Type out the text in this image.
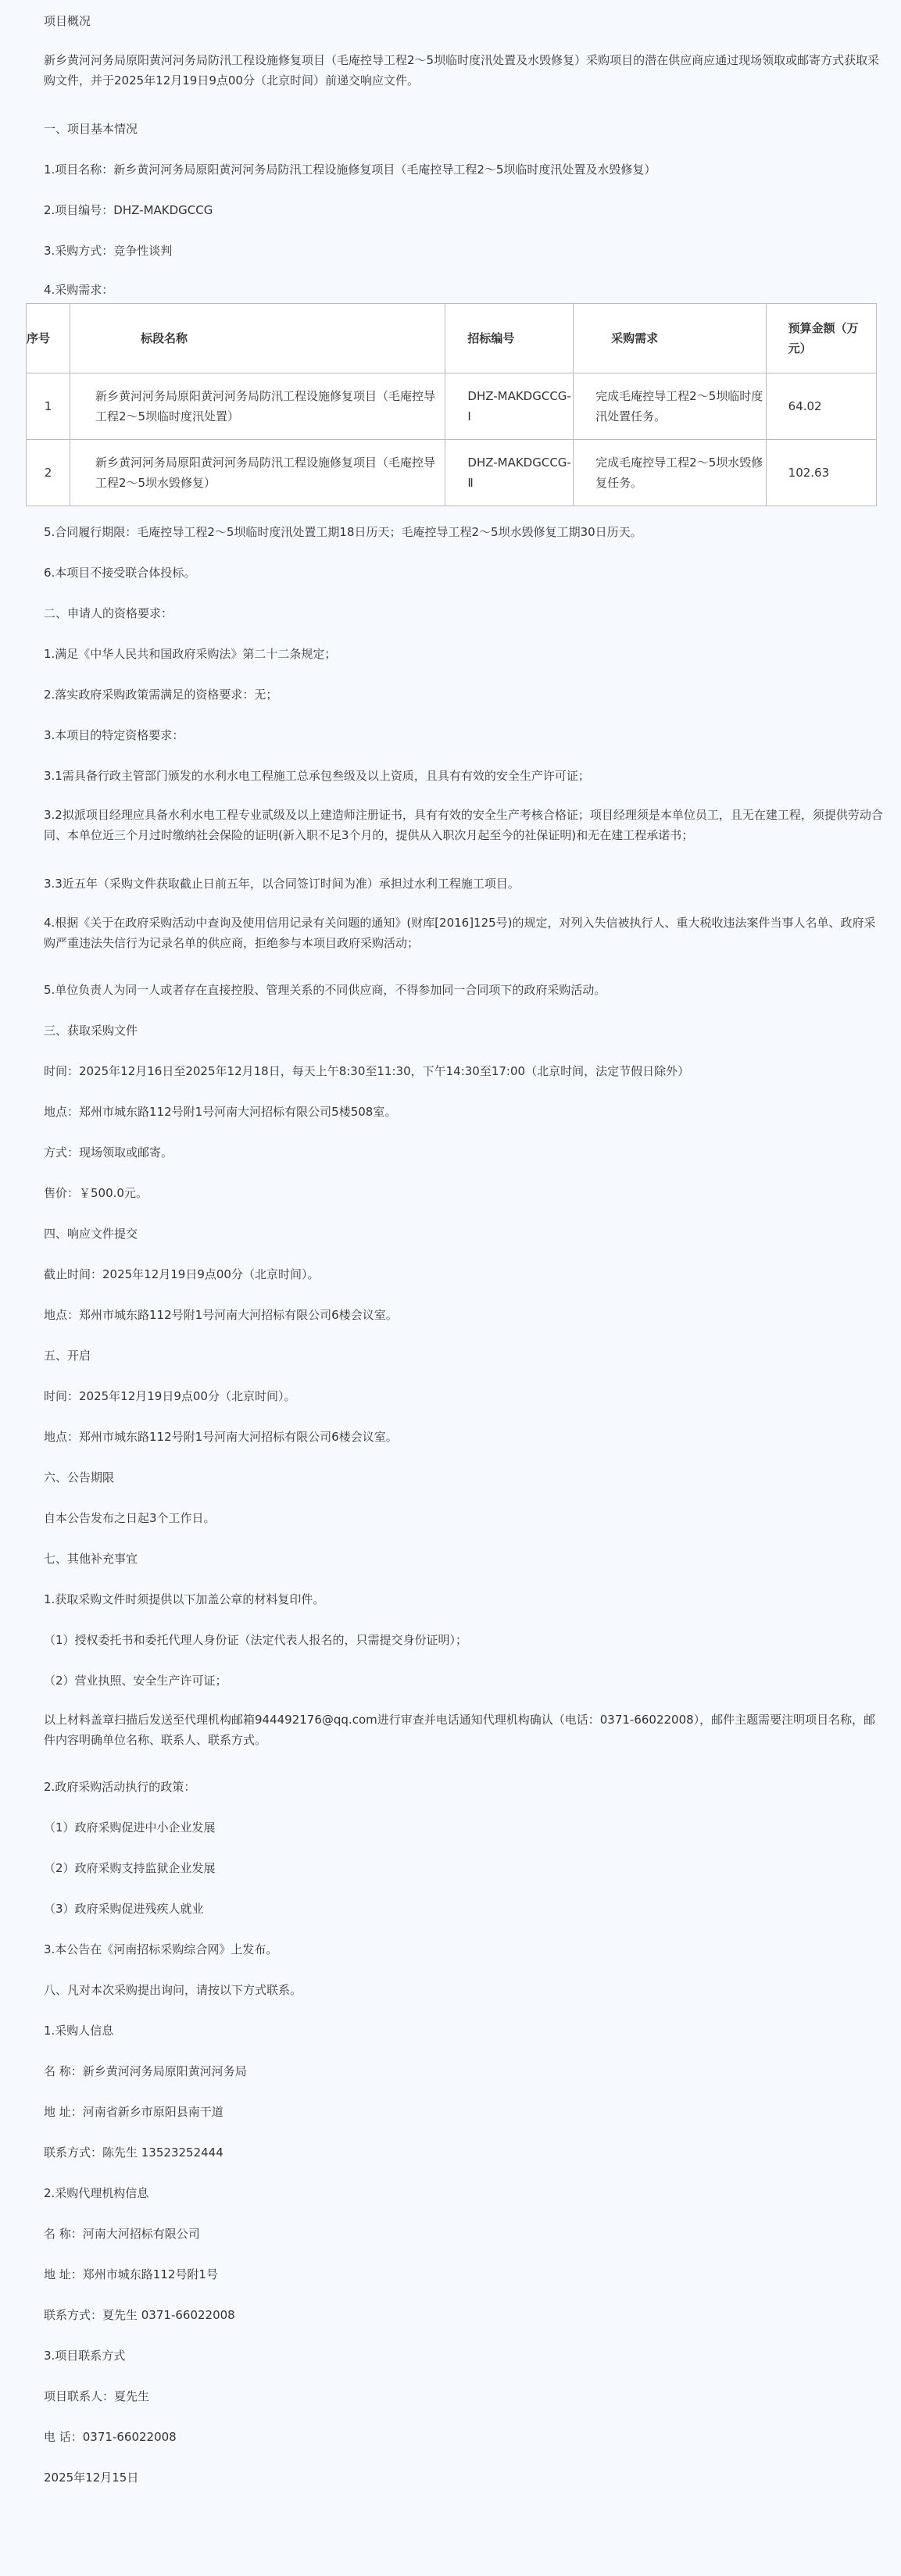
项目概况
新乡黄河河务局原阳黄河河务局防汛工程设施修复项目（毛庵控导工程2～5坝临时度汛处置及水毁修复）采购项目的潜在供应商应通过现场领取或邮寄方式获取采购文件，并于2025年12月19日9点00分（北京时间）前递交响应文件。
一、项目基本情况
1.项目名称：新乡黄河河务局原阳黄河河务局防汛工程设施修复项目（毛庵控导工程2～5坝临时度汛处置及水毁修复）
2.项目编号：DHZ-MAKDGCCG
3.采购方式：竞争性谈判
4.采购需求：
序号	标段名称	招标编号	采购需求	预算金额（万元）
1	新乡黄河河务局原阳黄河河务局防汛工程设施修复项目（毛庵控导工程2～5坝临时度汛处置）	DHZ-MAKDGCCG-Ⅰ	完成毛庵控导工程2～5坝临时度汛处置任务。	64.02
2	新乡黄河河务局原阳黄河河务局防汛工程设施修复项目（毛庵控导工程2～5坝水毁修复）	DHZ-MAKDGCCG-Ⅱ	完成毛庵控导工程2～5坝水毁修复任务。	102.63
5.合同履行期限：毛庵控导工程2～5坝临时度汛处置工期18日历天；毛庵控导工程2～5坝水毁修复工期30日历天。
6.本项目不接受联合体投标。
二、申请人的资格要求：
1.满足《中华人民共和国政府采购法》第二十二条规定；
2.落实政府采购政策需满足的资格要求：无；
3.本项目的特定资格要求：
3.1需具备行政主管部门颁发的水利水电工程施工总承包叁级及以上资质，且具有有效的安全生产许可证；
3.2拟派项目经理应具备水利水电工程专业贰级及以上建造师注册证书，具有有效的安全生产考核合格证；项目经理须是本单位员工，且无在建工程，须提供劳动合同、本单位近三个月过时缴纳社会保险的证明(新入职不足3个月的，提供从入职次月起至今的社保证明)和无在建工程承诺书；
3.3近五年（采购文件获取截止日前五年，以合同签订时间为准）承担过水利工程施工项目。
4.根据《关于在政府采购活动中查询及使用信用记录有关问题的通知》(财库[2016]125号)的规定，对列入失信被执行人、重大税收违法案件当事人名单、政府采购严重违法失信行为记录名单的供应商，拒绝参与本项目政府采购活动；
5.单位负责人为同一人或者存在直接控股、管理关系的不同供应商，不得参加同一合同项下的政府采购活动。
三、获取采购文件
时间：2025年12月16日至2025年12月18日，每天上午8:30至11:30，下午14:30至17:00（北京时间，法定节假日除外）
地点：郑州市城东路112号附1号河南大河招标有限公司5楼508室。
方式：现场领取或邮寄。
售价：￥500.0元。
四、响应文件提交
截止时间：2025年12月19日9点00分（北京时间）。
地点：郑州市城东路112号附1号河南大河招标有限公司6楼会议室。
五、开启
时间：2025年12月19日9点00分（北京时间）。
地点：郑州市城东路112号附1号河南大河招标有限公司6楼会议室。
六、公告期限
自本公告发布之日起3个工作日。
七、其他补充事宜
1.获取采购文件时须提供以下加盖公章的材料复印件。
（1）授权委托书和委托代理人身份证（法定代表人报名的，只需提交身份证明）；
（2）营业执照、安全生产许可证；
以上材料盖章扫描后发送至代理机构邮箱944492176@qq.com进行审查并电话通知代理机构确认（电话：0371-66022008），邮件主题需要注明项目名称，邮件内容明确单位名称、联系人、联系方式。
2.政府采购活动执行的政策：
（1）政府采购促进中小企业发展
（2）政府采购支持监狱企业发展
（3）政府采购促进残疾人就业
3.本公告在《河南招标采购综合网》上发布。
八、凡对本次采购提出询问，请按以下方式联系。
1.采购人信息
名 称：新乡黄河河务局原阳黄河河务局
地 址：河南省新乡市原阳县南干道
联系方式：陈先生 13523252444
2.采购代理机构信息
名 称：河南大河招标有限公司
地 址：郑州市城东路112号附1号
联系方式：夏先生 0371-66022008
3.项目联系方式
项目联系人：夏先生
电 话：0371-66022008
2025年12月15日
